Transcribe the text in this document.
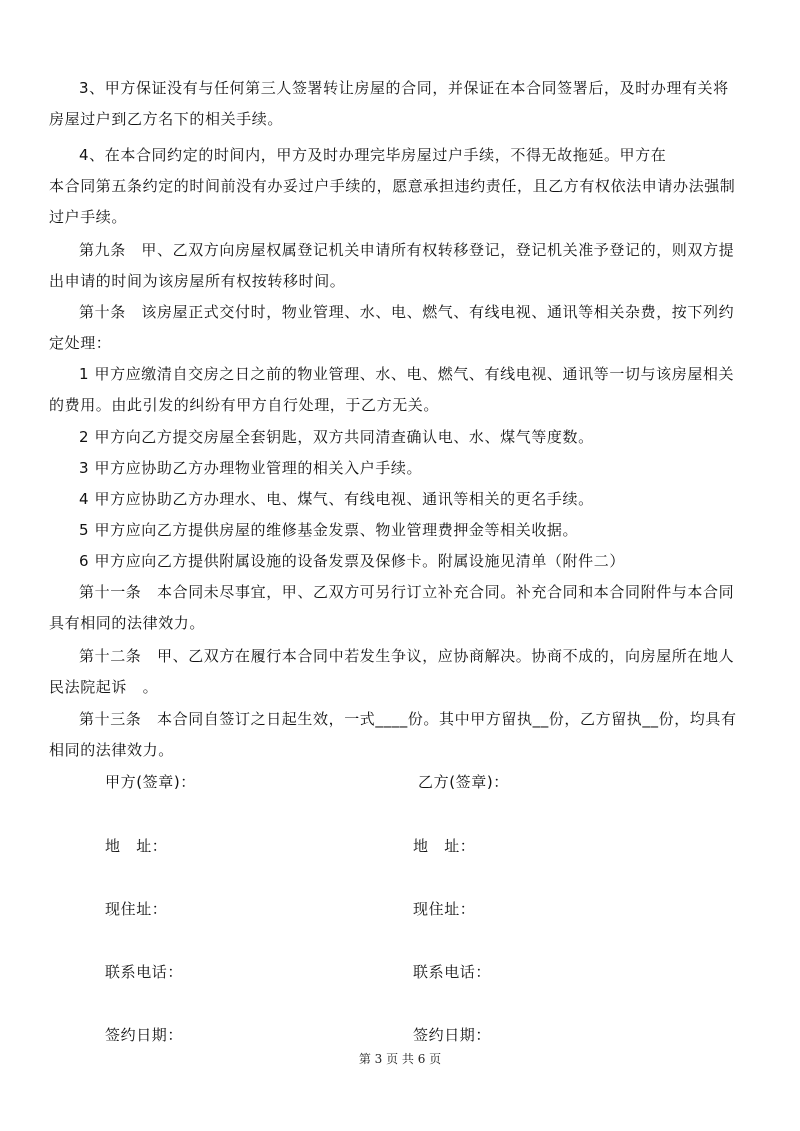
3、甲方保证没有与任何第三人签署转让房屋的合同，并保证在本合同签署后，及时办理有关将
房屋过户到乙方名下的相关手续。

4、在本合同约定的时间内，甲方及时办理完毕房屋过户手续，不得无故拖延。甲方在
本合同第五条约定的时间前没有办妥过户手续的，愿意承担违约责任，且乙方有权依法申请办法强制
过户手续。

第九条　甲、乙双方向房屋权属登记机关申请所有权转移登记，登记机关准予登记的，则双方提
出申请的时间为该房屋所有权按转移时间。

第十条　该房屋正式交付时，物业管理、水、电、燃气、有线电视、通讯等相关杂费，按下列约
定处理：

1 甲方应缴清自交房之日之前的物业管理、水、电、燃气、有线电视、通讯等一切与该房屋相关
的费用。由此引发的纠纷有甲方自行处理，于乙方无关。

2 甲方向乙方提交房屋全套钥匙，双方共同清查确认电、水、煤气等度数。

3 甲方应协助乙方办理物业管理的相关入户手续。

4 甲方应协助乙方办理水、电、煤气、有线电视、通讯等相关的更名手续。

5 甲方应向乙方提供房屋的维修基金发票、物业管理费押金等相关收据。

6 甲方应向乙方提供附属设施的设备发票及保修卡。附属设施见清单（附件二）

第十一条　本合同未尽事宜，甲、乙双方可另行订立补充合同。补充合同和本合同附件与本合同
具有相同的法律效力。

第十二条　甲、乙双方在履行本合同中若发生争议，应协商解决。协商不成的，向房屋所在地人
民法院起诉　。

第十三条　本合同自签订之日起生效，一式____份。其中甲方留执__份，乙方留执__份，均具有
相同的法律效力。

甲方(签章)：
地　址：
现住址：
联系电话：
签约日期：
乙方(签章)：
地　址：
现住址：
联系电话：
签约日期：
第 3 页 共 6 页
